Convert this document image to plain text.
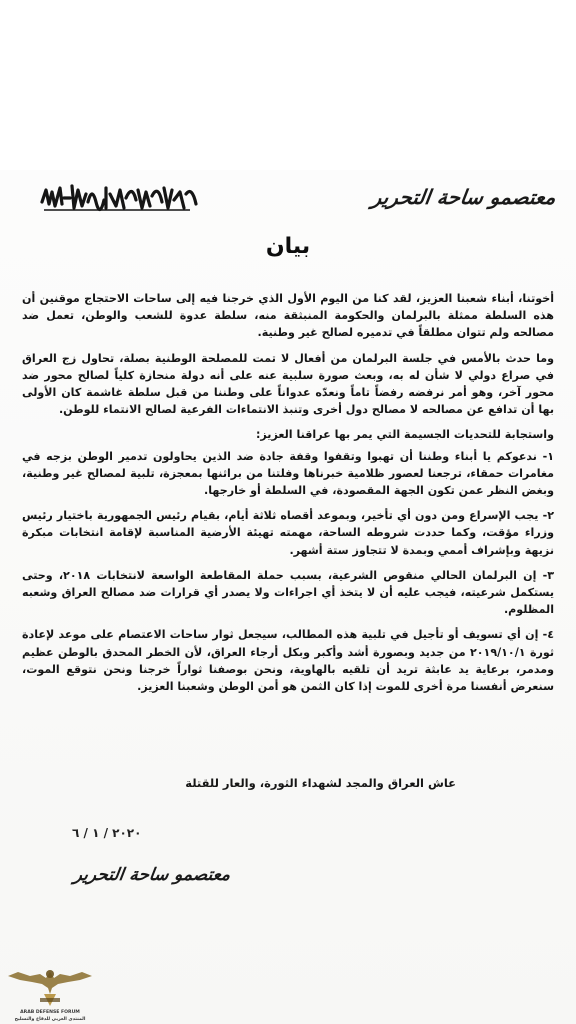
معتصمو ساحة التحرير
بيان

أخوتنا، أبناء شعبنا العزيز، لقد كنا من اليوم الأول الذي خرجنا فيه إلى ساحات الاحتجاج موقنين أن هذه السلطة ممثلة بالبرلمان والحكومة المنبثقة منه، سلطة عدوة للشعب والوطن، تعمل ضد مصالحه ولم تتوان مطلقاً في تدميره لصالح غير وطنية.

وما حدث بالأمس في جلسة البرلمان من أفعال لا تمت للمصلحة الوطنية بصلة، تحاول زج العراق في صراع دولي لا شأن له به، وبعث صورة سلبية عنه على أنه دولة منحازة كلياً لصالح محور ضد محور آخر، وهو أمر نرفضه رفضاً تاماً ونعدّه عدواناً على وطننا من قبل سلطة غاشمة كان الأولى بها أن تدافع عن مصالحه لا مصالح دول أخرى وتنبذ الانتماءات الفرعية لصالح الانتماء للوطن.

واستجابة للتحديات الجسيمة التي يمر بها عراقنا العزيز:

١- ندعوكم يا أبناء وطننا أن تهبوا وتقفوا وقفة جادة ضد الذين يحاولون تدمير الوطن بزجه في مغامرات حمقاء، ترجعنا لعصور ظلامية خبرناها وفلتنا من براثنها بمعجزة، تلبية لمصالح غير وطنية، وبغض النظر عمن تكون الجهة المقصودة، في السلطة أو خارجها.

٢- يجب الإسراع ومن دون أي تأخير، وبموعد أقصاه ثلاثة أيام، بقيام رئيس الجمهورية باختيار رئيس وزراء مؤقت، وكما حددت شروطه الساحة، مهمته تهيئة الأرضية المناسبة لإقامة انتخابات مبكرة نزيهة وبإشراف أممي وبمدة لا تتجاوز ستة أشهر.

٣- إن البرلمان الحالي منقوص الشرعية، بسبب حملة المقاطعة الواسعة لانتخابات ٢٠١٨، وحتى يستكمل شرعيته، فيجب عليه أن لا يتخذ أي اجراءات ولا يصدر أي قرارات ضد مصالح العراق وشعبه المظلوم.

٤- إن أي تسويف أو تأجيل في تلبية هذه المطالب، سيجعل ثوار ساحات الاعتصام على موعد لإعادة ثورة ٢٠١٩/١٠/١ من جديد وبصورة أشد وأكبر وبكل أرجاء العراق، لأن الخطر المحدق بالوطن عظيم ومدمر، برعاية يد عابثة تريد أن تلقيه بالهاوية، ونحن بوصفنا ثواراً خرجنا ونحن نتوقع الموت، سنعرض أنفسنا مرة أخرى للموت إذا كان الثمن هو أمن الوطن وشعبنا العزيز.

عاش العراق والمجد لشهداء الثورة، والعار للقتلة
٢٠٢٠ / ١ / ٦
معتصمو ساحة التحرير
ARAB DEFENSE FORUM
المنتدى العربي للدفاع والتسليح
